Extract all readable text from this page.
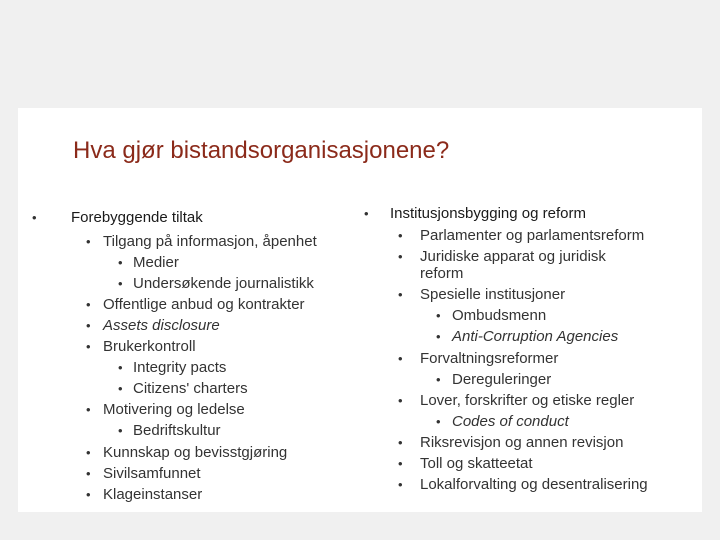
Hva gjør bistandsorganisasjonene?
• Forebyggende tiltak
• Tilgang på informasjon, åpenhet
• Medier
• Undersøkende journalistikk
• Offentlige anbud og kontrakter
• Assets disclosure
• Brukerkontroll
• Integrity pacts
• Citizens' charters
• Motivering og ledelse
• Bedriftskultur
• Kunnskap og bevisstgjøring
• Sivilsamfunnet
• Klageinstanser
• Institusjonsbygging og reform
• Parlamenter og parlamentsreform
• Juridiske apparat og juridisk
reform
• Spesielle institusjoner
• Ombudsmenn
• Anti-Corruption Agencies
• Forvaltningsreformer
• Dereguleringer
• Lover, forskrifter og etiske regler
• Codes of conduct
• Riksrevisjon og annen revisjon
• Toll og skatteetat
• Lokalforvalting og desentralisering
